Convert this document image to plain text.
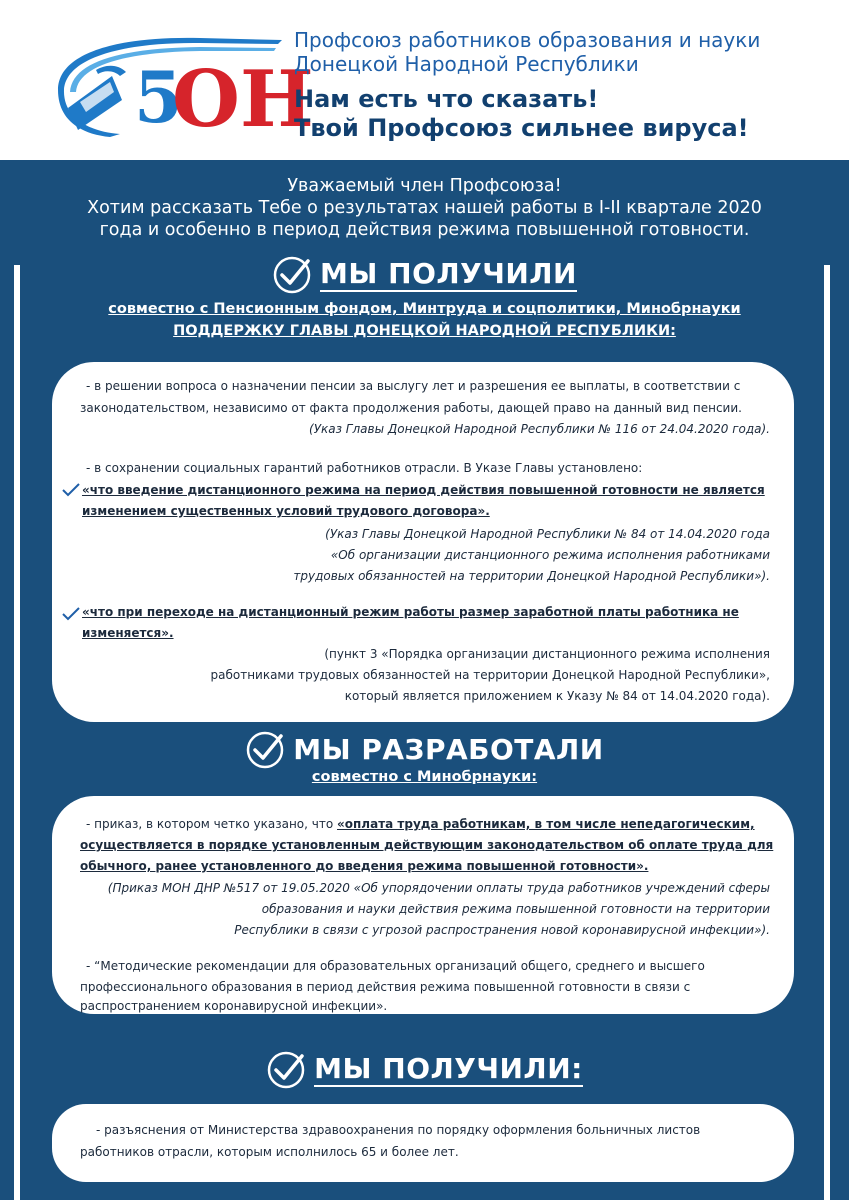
5
ОН
Профсоюз работников образования и науки
Донецкой Народной Республики
Нам есть что сказать!
Твой Профсоюз сильнее вируса!
Уважаемый член Профсоюза!
Хотим рассказать Тебе о результатах нашей работы в I-II квартале 2020
года и особенно в период действия режима повышенной готовности.
МЫ ПОЛУЧИЛИ
совместно с Пенсионным фондом, Минтруда и соцполитики, Минобрнауки
ПОДДЕРЖКУ ГЛАВЫ ДОНЕЦКОЙ НАРОДНОЙ РЕСПУБЛИКИ:
- в решении вопроса о назначении пенсии за выслугу лет и разрешения ее выплаты, в соответствии с
законодательством, независимо от факта продолжения работы, дающей право на данный вид пенсии.
(Указ Главы Донецкой Народной Республики № 116 от 24.04.2020 года).
- в сохранении социальных гарантий работников отрасли. В Указе Главы установлено:
«что введение дистанционного режима на период действия повышенной готовности не является
изменением существенных условий трудового договора».
(Указ Главы Донецкой Народной Республики № 84 от 14.04.2020 года
«Об организации дистанционного режима исполнения работниками
трудовых обязанностей на территории Донецкой Народной Республики»).
«что при переходе на дистанционный режим работы размер заработной платы работника не
изменяется».
(пункт 3 «Порядка организации дистанционного режима исполнения
работниками трудовых обязанностей на территории Донецкой Народной Республики»,
который является приложением к Указу № 84 от 14.04.2020 года).
МЫ РАЗРАБОТАЛИ
совместно с Минобрнауки:
- приказ, в котором четко указано, что «оплата труда работникам, в том числе непедагогическим,
осуществляется в порядке установленным действующим законодательством об оплате труда для
обычного, ранее установленного до введения режима повышенной готовности».
(Приказ МОН ДНР №517 от 19.05.2020 «Об упорядочении оплаты труда работников учреждений сферы
образования и науки действия режима повышенной готовности на территории
Республики в связи с угрозой распространения новой коронавирусной инфекции»).
- “Методические рекомендации для образовательных организаций общего, среднего и высшего
профессионального образования в период действия режима повышенной готовности в связи с
распространением коронавирусной инфекции».
МЫ ПОЛУЧИЛИ:
- разъяснения от Министерства здравоохранения по порядку оформления больничных листов
работников отрасли, которым исполнилось 65 и более лет.
